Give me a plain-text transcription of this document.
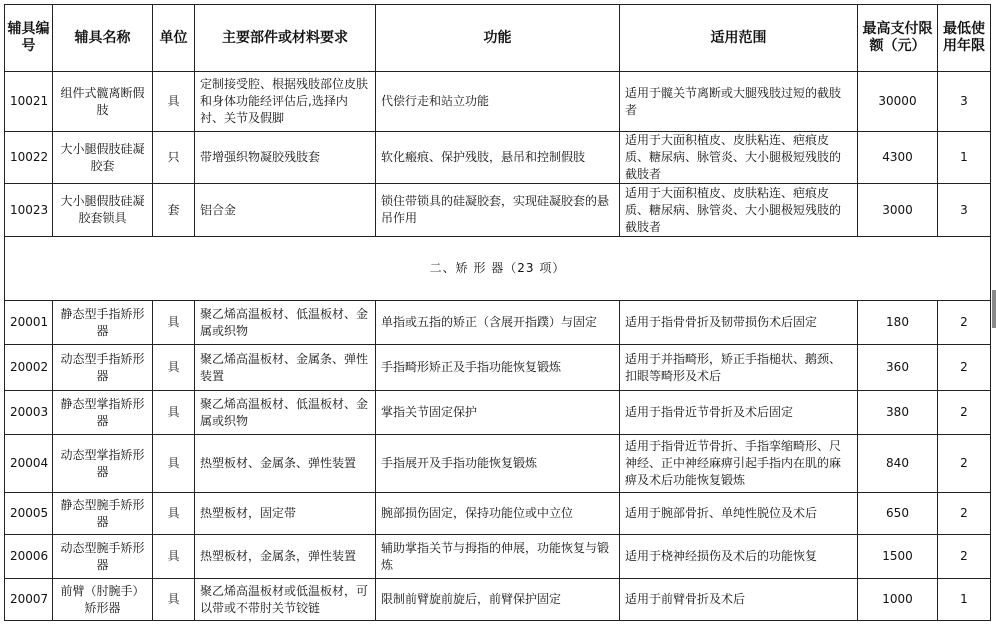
辅具编号	辅具名称	单位	主要部件或材料要求	功能	适用范围	最高支付限额（元）	最低使用年限
10021	组件式髋离断假肢	具	定制接受腔、根据残肢部位皮肤和身体功能经评估后,选择内衬、关节及假脚	代偿行走和站立功能	适用于髋关节离断或大腿残肢过短的截肢者	30000	3
10022	大小腿假肢硅凝胶套	只	带增强织物凝胶残肢套	软化瘢痕、保护残肢，悬吊和控制假肢	适用于大面积植皮、皮肤粘连、疤痕皮质、糖尿病、脉管炎、大小腿极短残肢的截肢者	4300	1
10023	大小腿假肢硅凝胶套锁具	套	铝合金	锁住带锁具的硅凝胶套，实现硅凝胶套的悬吊作用	适用于大面积植皮、皮肤粘连、疤痕皮质、糖尿病、脉管炎、大小腿极短残肢的截肢者	3000	3
二、矫 形 器（23 项）							
20001	静态型手指矫形器	具	聚乙烯高温板材、低温板材、金属或织物	单指或五指的矫正（含展开指蹼）与固定	适用于指骨骨折及韧带损伤术后固定	180	2
20002	动态型手指矫形器	具	聚乙烯高温板材、金属条、弹性装置	手指畸形矫正及手指功能恢复锻炼	适用于并指畸形，矫正手指槌状、鹅颈、扣眼等畸形及术后	360	2
20003	静态型掌指矫形器	具	聚乙烯高温板材、低温板材、金属或织物	掌指关节固定保护	适用于指骨近节骨折及术后固定	380	2
20004	动态型掌指矫形器	具	热塑板材、金属条、弹性装置	手指展开及手指功能恢复锻炼	适用于指骨近节骨折、手指挛缩畸形、尺神经、正中神经麻痹引起手指内在肌的麻痹及术后功能恢复锻炼	840	2
20005	静态型腕手矫形器	具	热塑板材，固定带	腕部损伤固定，保持功能位或中立位	适用于腕部骨折、单纯性脱位及术后	650	2
20006	动态型腕手矫形器	具	热塑板材，金属条，弹性装置	辅助掌指关节与拇指的伸展，功能恢复与锻炼	适用于桡神经损伤及术后的功能恢复	1500	2
20007	前臂（肘腕手）矫形器	具	聚乙烯高温板材或低温板材，可以带或不带肘关节铰链	限制前臂旋前旋后，前臂保护固定	适用于前臂骨折及术后	1000	1
